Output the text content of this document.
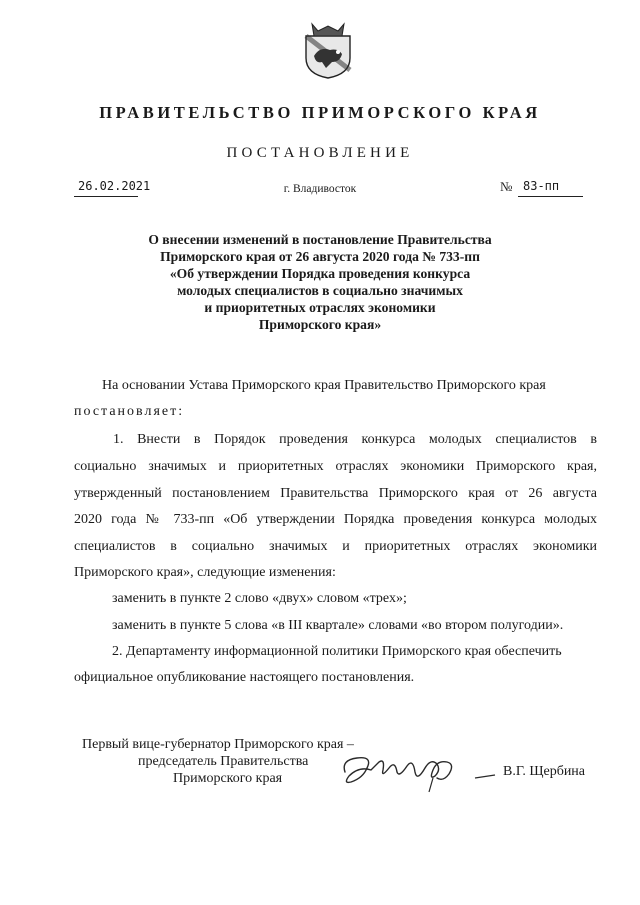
ПРАВИТЕЛЬСТВО ПРИМОРСКОГО КРАЯ
ПОСТАНОВЛЕНИЕ
26.02.2021	г. Владивосток	№ 83-пп
О внесении изменений в постановление Правительства
Приморского края от 26 августа 2020 года № 733-пп
«Об утверждении Порядка проведения конкурса
молодых специалистов в социально значимых
и приоритетных отраслях экономики
Приморского края»
На основании Устава Приморского края Правительство Приморского края
постановляет:
1. Внести в Порядок проведения конкурса молодых специалистов в
социально значимых и приоритетных отраслях экономики Приморского края,
утвержденный постановлением Правительства Приморского края от 26 августа
2020 года № 733-пп «Об утверждении Порядка проведения конкурса молодых
специалистов в социально значимых и приоритетных отраслях экономики
Приморского края», следующие изменения:
заменить в пункте 2 слово «двух» словом «трех»;
заменить в пункте 5 слова «в III квартале» словами «во втором полугодии».
2. Департаменту информационной политики Приморского края обеспечить
официальное опубликование настоящего постановления.
Первый вице-губернатор Приморского края –
председатель Правительства
Приморского края	В.Г. Щербина
